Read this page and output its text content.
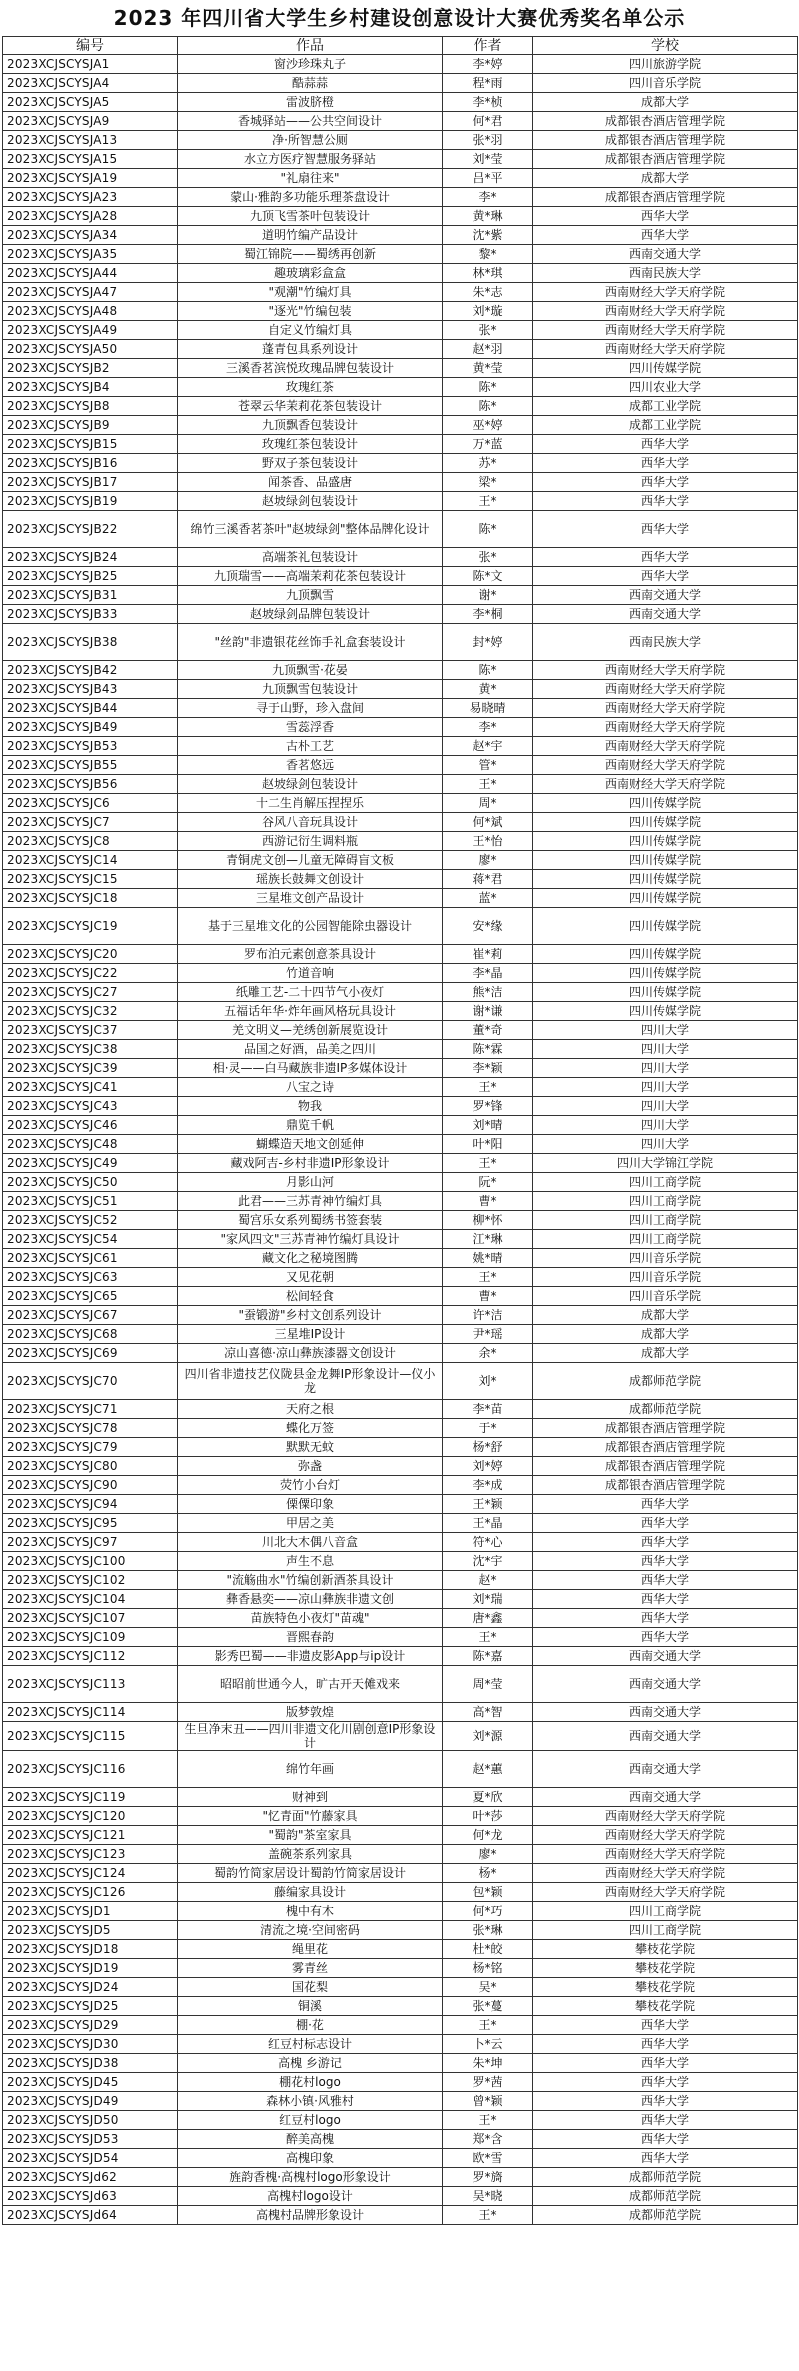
2023 年四川省大学生乡村建设创意设计大赛优秀奖名单公示
编号	作品	作者	学校
2023XCJSCYSJA1	窗沙珍珠丸子	李*婷	四川旅游学院
2023XCJSCYSJA4	酷蒜蒜	程*雨	四川音乐学院
2023XCJSCYSJA5	雷波脐橙	李*桢	成都大学
2023XCJSCYSJA9	香城驿站——公共空间设计	何*君	成都银杏酒店管理学院
2023XCJSCYSJA13	净·所智慧公厕	张*羽	成都银杏酒店管理学院
2023XCJSCYSJA15	水立方医疗智慧服务驿站	刘*莹	成都银杏酒店管理学院
2023XCJSCYSJA19	"礼扇往来"	吕*平	成都大学
2023XCJSCYSJA23	蒙山·雅韵多功能乐理茶盘设计	李*	成都银杏酒店管理学院
2023XCJSCYSJA28	九顶飞雪茶叶包装设计	黄*琳	西华大学
2023XCJSCYSJA34	道明竹编产品设计	沈*紫	西华大学
2023XCJSCYSJA35	蜀江锦院——蜀绣再创新	黎*	西南交通大学
2023XCJSCYSJA44	趣玻璃彩盒盒	林*琪	西南民族大学
2023XCJSCYSJA47	"观潮"竹编灯具	朱*志	西南财经大学天府学院
2023XCJSCYSJA48	"逐光"竹编包装	刘*璇	西南财经大学天府学院
2023XCJSCYSJA49	自定义竹编灯具	张*	西南财经大学天府学院
2023XCJSCYSJA50	蓬青包具系列设计	赵*羽	西南财经大学天府学院
2023XCJSCYSJB2	三溪香茗滨悦玫瑰品牌包装设计	黄*莹	四川传媒学院
2023XCJSCYSJB4	玫瑰红茶	陈*	四川农业大学
2023XCJSCYSJB8	苍翠云华茉莉花茶包装设计	陈*	成都工业学院
2023XCJSCYSJB9	九顶飘香包装设计	巫*婷	成都工业学院
2023XCJSCYSJB15	玫瑰红茶包装设计	万*蓝	西华大学
2023XCJSCYSJB16	野双子茶包装设计	苏*	西华大学
2023XCJSCYSJB17	闻茶香、品盛唐	梁*	西华大学
2023XCJSCYSJB19	赵坡绿剑包装设计	王*	西华大学
2023XCJSCYSJB22	绵竹三溪香茗茶叶"赵坡绿剑"整体品牌化设计	陈*	西华大学
2023XCJSCYSJB24	高端茶礼包装设计	张*	西华大学
2023XCJSCYSJB25	九顶瑞雪——高端茉莉花茶包装设计	陈*文	西华大学
2023XCJSCYSJB31	九顶飘雪	谢*	西南交通大学
2023XCJSCYSJB33	赵坡绿剑品牌包装设计	李*桐	西南交通大学
2023XCJSCYSJB38	"丝韵"非遗银花丝饰手礼盒套装设计	封*婷	西南民族大学
2023XCJSCYSJB42	九顶飘雪·花晏	陈*	西南财经大学天府学院
2023XCJSCYSJB43	九顶飘雪包装设计	黄*	西南财经大学天府学院
2023XCJSCYSJB44	寻于山野，珍入盘间	易晓晴	西南财经大学天府学院
2023XCJSCYSJB49	雪蕊浮香	李*	西南财经大学天府学院
2023XCJSCYSJB53	古朴工艺	赵*宇	西南财经大学天府学院
2023XCJSCYSJB55	香茗悠远	管*	西南财经大学天府学院
2023XCJSCYSJB56	赵坡绿剑包装设计	王*	西南财经大学天府学院
2023XCJSCYSJC6	十二生肖解压捏捏乐	周*	四川传媒学院
2023XCJSCYSJC7	谷风八音玩具设计	何*斌	四川传媒学院
2023XCJSCYSJC8	西游记衍生调料瓶	王*怡	四川传媒学院
2023XCJSCYSJC14	青铜虎文创—儿童无障碍盲文板	廖*	四川传媒学院
2023XCJSCYSJC15	瑶族长鼓舞文创设计	蒋*君	四川传媒学院
2023XCJSCYSJC18	三星堆文创产品设计	蓝*	四川传媒学院
2023XCJSCYSJC19	基于三星堆文化的公园智能除虫器设计	安*缘	四川传媒学院
2023XCJSCYSJC20	罗布泊元素创意茶具设计	崔*莉	四川传媒学院
2023XCJSCYSJC22	竹道音响	李*晶	四川传媒学院
2023XCJSCYSJC27	纸雕工艺-二十四节气小夜灯	熊*洁	四川传媒学院
2023XCJSCYSJC32	五福话年华·炸年画风格玩具设计	谢*谦	四川传媒学院
2023XCJSCYSJC37	羌文明义—羌绣创新展览设计	董*奇	四川大学
2023XCJSCYSJC38	品国之好酒，品美之四川	陈*霖	四川大学
2023XCJSCYSJC39	相·灵——白马藏族非遗IP多媒体设计	李*颖	四川大学
2023XCJSCYSJC41	八宝之诗	王*	四川大学
2023XCJSCYSJC43	物我	罗*锋	四川大学
2023XCJSCYSJC46	鼎览千帆	刘*晴	四川大学
2023XCJSCYSJC48	蝴蝶造天地文创延伸	叶*阳	四川大学
2023XCJSCYSJC49	藏戏阿吉-乡村非遗IP形象设计	王*	四川大学锦江学院
2023XCJSCYSJC50	月影山河	阮*	四川工商学院
2023XCJSCYSJC51	此君——三苏青神竹编灯具	曹*	四川工商学院
2023XCJSCYSJC52	蜀宫乐女系列蜀绣书签套装	柳*怀	四川工商学院
2023XCJSCYSJC54	"家风四文"三苏青神竹编灯具设计	江*琳	四川工商学院
2023XCJSCYSJC61	藏文化之秘境图腾	姚*晴	四川音乐学院
2023XCJSCYSJC63	又见花朝	王*	四川音乐学院
2023XCJSCYSJC65	松间轻食	曹*	四川音乐学院
2023XCJSCYSJC67	"蚕锻游"乡村文创系列设计	许*洁	成都大学
2023XCJSCYSJC68	三星堆IP设计	尹*瑶	成都大学
2023XCJSCYSJC69	凉山喜德·凉山彝族漆器文创设计	余*	成都大学
2023XCJSCYSJC70	四川省非遗技艺仪陇县金龙舞IP形象设计—仪小龙	刘*	成都师范学院
2023XCJSCYSJC71	天府之根	李*苗	成都师范学院
2023XCJSCYSJC78	蝶化万签	于*	成都银杏酒店管理学院
2023XCJSCYSJC79	默默无蚊	杨*舒	成都银杏酒店管理学院
2023XCJSCYSJC80	弥盏	刘*婷	成都银杏酒店管理学院
2023XCJSCYSJC90	荧竹小台灯	李*成	成都银杏酒店管理学院
2023XCJSCYSJC94	傈僳印象	王*颖	西华大学
2023XCJSCYSJC95	甲居之美	王*晶	西华大学
2023XCJSCYSJC97	川北大木偶八音盒	符*心	西华大学
2023XCJSCYSJC100	声生不息	沈*宇	西华大学
2023XCJSCYSJC102	"流觞曲水"竹编创新酒茶具设计	赵*	西华大学
2023XCJSCYSJC104	彝香悬奕——凉山彝族非遗文创	刘*瑞	西华大学
2023XCJSCYSJC107	苗族特色小夜灯"苗魂"	唐*鑫	西华大学
2023XCJSCYSJC109	晋熙春韵	王*	西华大学
2023XCJSCYSJC112	影秀巴蜀——非遗皮影App与ip设计	陈*嘉	西南交通大学
2023XCJSCYSJC113	昭昭前世通今人，旷古开天傩戏来	周*莹	西南交通大学
2023XCJSCYSJC114	版梦敦煌	高*智	西南交通大学
2023XCJSCYSJC115	生旦净末丑——四川非遗文化川剧创意IP形象设计	刘*源	西南交通大学
2023XCJSCYSJC116	绵竹年画	赵*蕙	西南交通大学
2023XCJSCYSJC119	财神到	夏*欣	西南交通大学
2023XCJSCYSJC120	"忆青面"竹藤家具	叶*莎	西南财经大学天府学院
2023XCJSCYSJC121	"蜀韵"茶室家具	何*龙	西南财经大学天府学院
2023XCJSCYSJC123	盖碗茶系列家具	廖*	西南财经大学天府学院
2023XCJSCYSJC124	蜀韵竹简家居设计蜀韵竹简家居设计	杨*	西南财经大学天府学院
2023XCJSCYSJC126	藤编家具设计	包*颖	西南财经大学天府学院
2023XCJSCYSJD1	槐中有木	何*巧	四川工商学院
2023XCJSCYSJD5	清流之境·空间密码	张*琳	四川工商学院
2023XCJSCYSJD18	绳里花	杜*皎	攀枝花学院
2023XCJSCYSJD19	雾青丝	杨*铭	攀枝花学院
2023XCJSCYSJD24	国花梨	吴*	攀枝花学院
2023XCJSCYSJD25	铜溪	张*蔓	攀枝花学院
2023XCJSCYSJD29	棚·花	王*	西华大学
2023XCJSCYSJD30	红豆村标志设计	卜*云	西华大学
2023XCJSCYSJD38	高槐 乡游记	朱*坤	西华大学
2023XCJSCYSJD45	棚花村logo	罗*茜	西华大学
2023XCJSCYSJD49	森林小镇·风雅村	曾*颖	西华大学
2023XCJSCYSJD50	红豆村logo	王*	西华大学
2023XCJSCYSJD53	醉美高槐	郑*含	西华大学
2023XCJSCYSJD54	高槐印象	欧*雪	西华大学
2023XCJSCYSJd62	旌韵香槐·高槐村logo形象设计	罗*旖	成都师范学院
2023XCJSCYSJd63	高槐村logo设计	吴*晓	成都师范学院
2023XCJSCYSJd64	高槐村品牌形象设计	王*	成都师范学院
